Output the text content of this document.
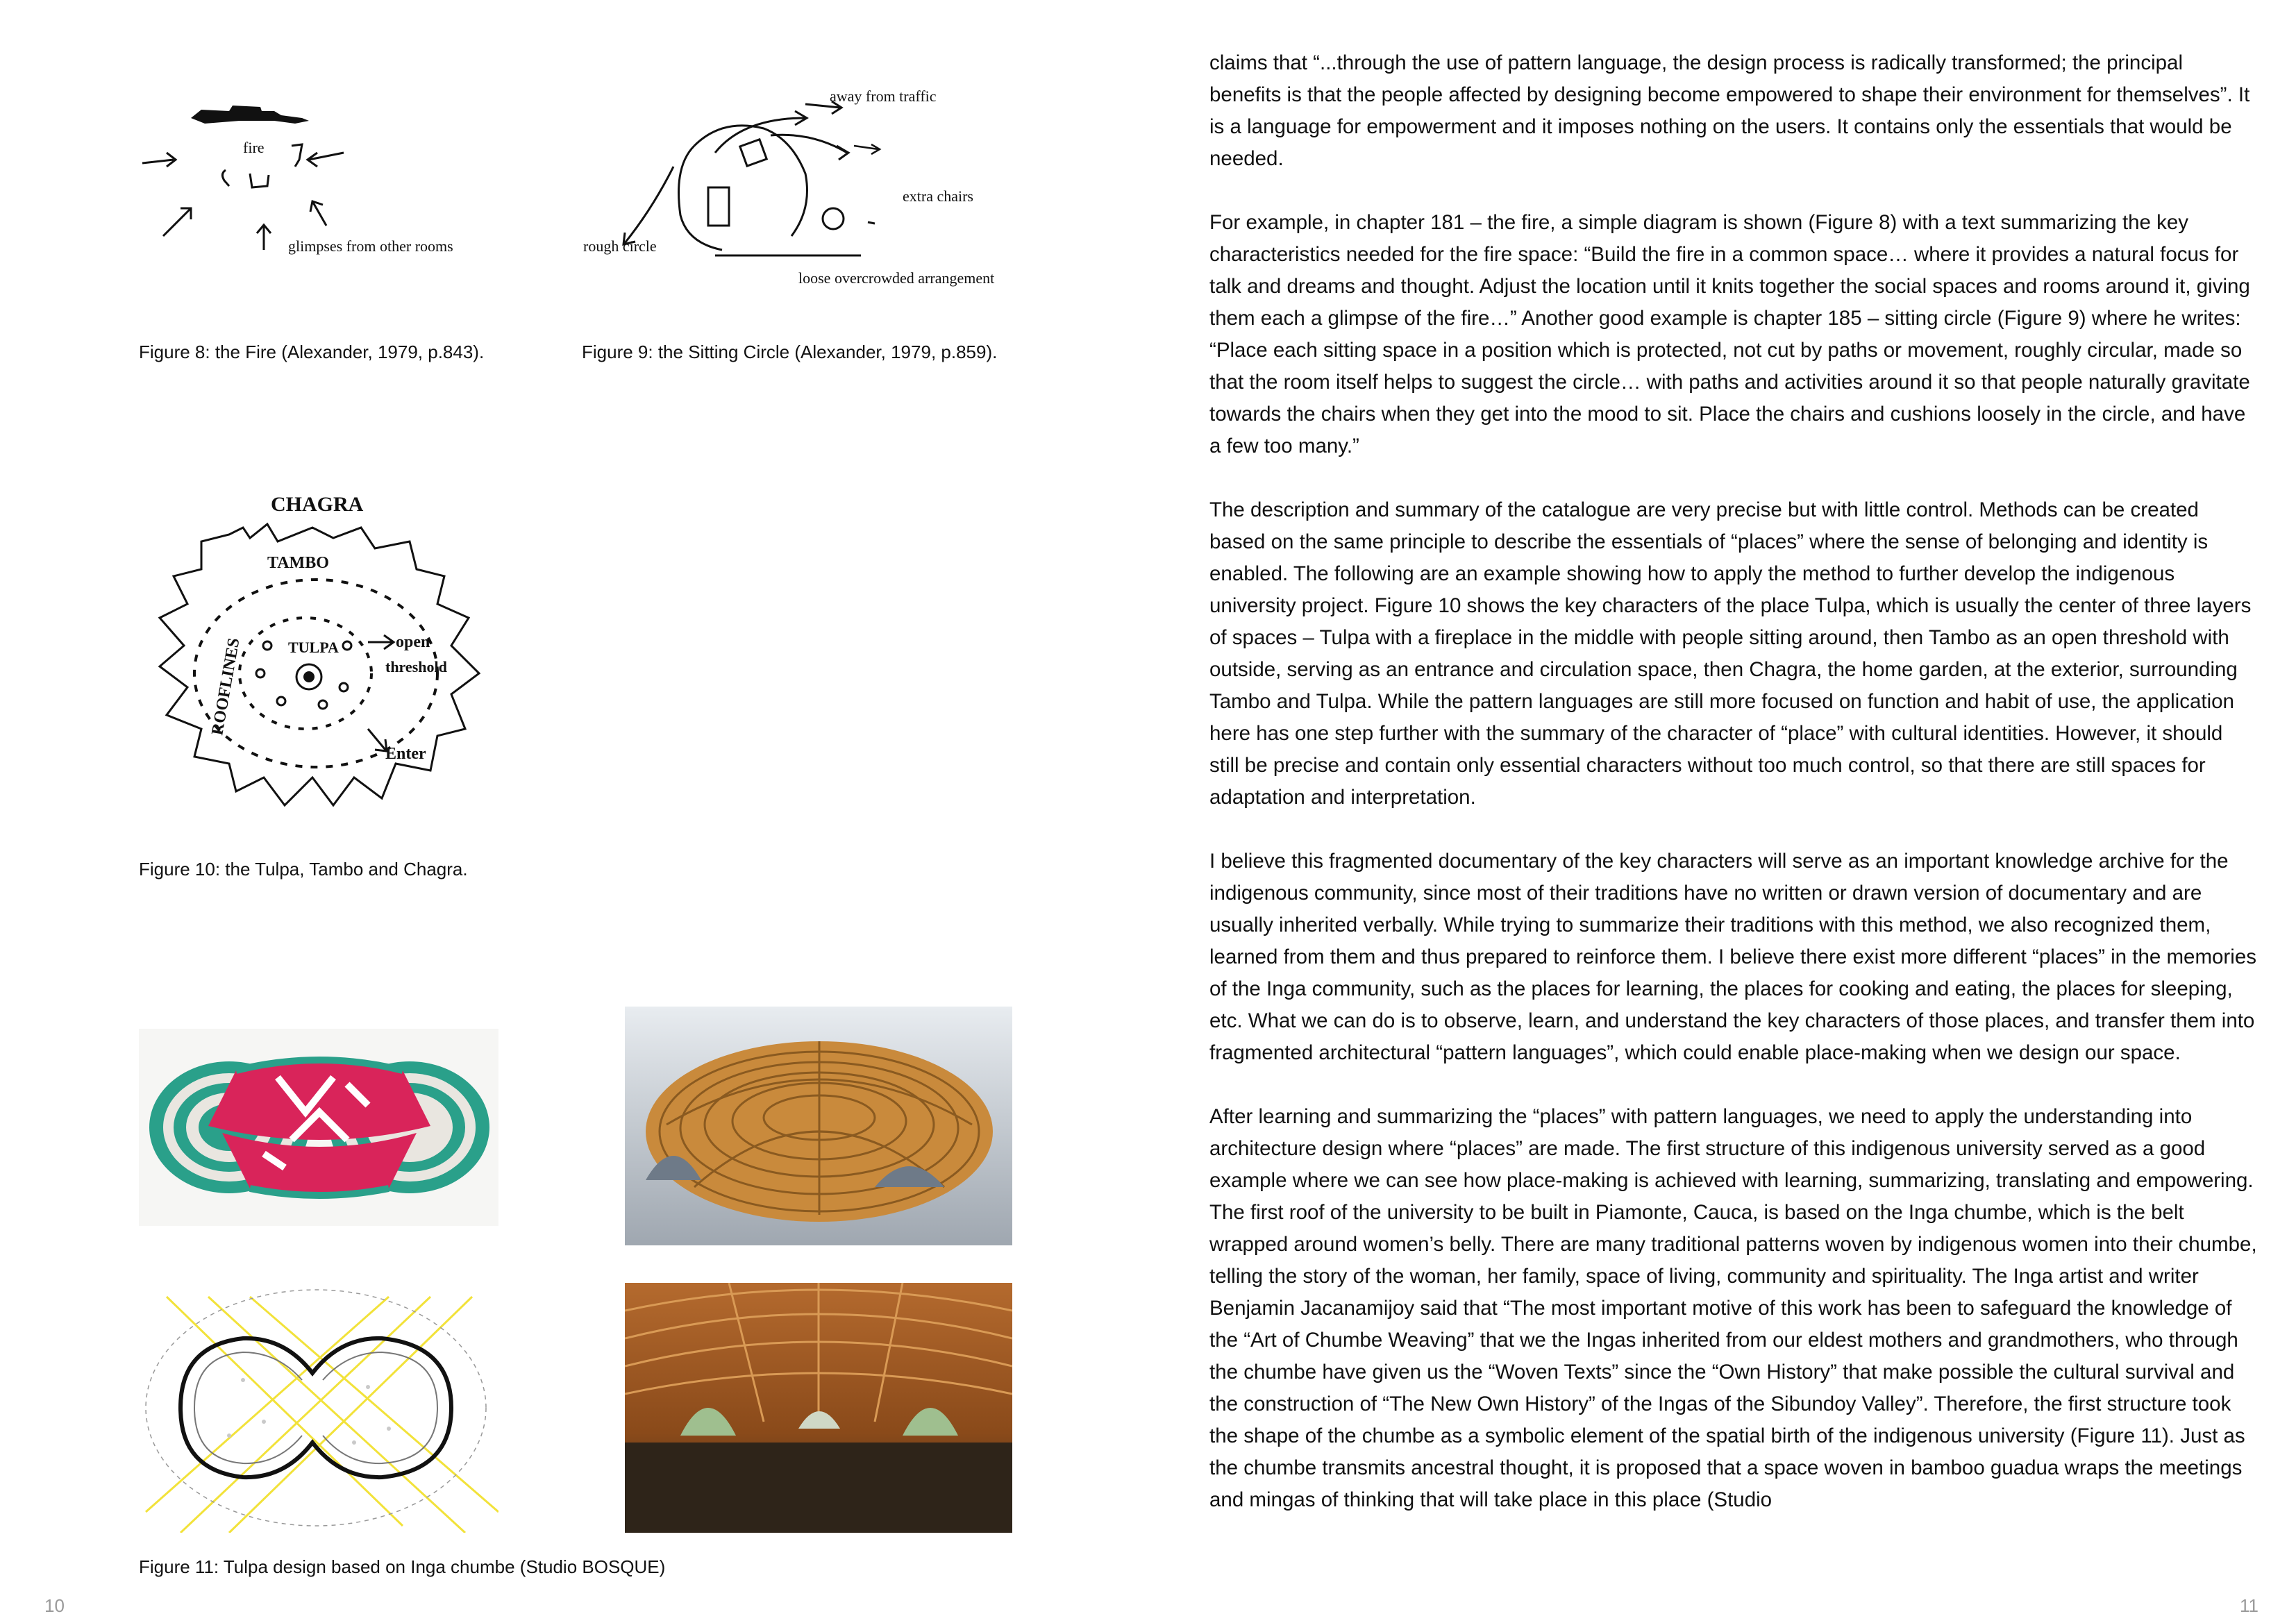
fire
glimpses from other rooms
Figure 8: the Fire (Alexander, 1979, p.843).
away from traffic
extra chairs
rough circle
loose overcrowded arrangement
Figure 9: the Sitting Circle (Alexander, 1979, p.859).
CHAGRA
TAMBO
TULPA	open
threshold
ROOFLINES
Enter
Figure 10: the Tulpa, Tambo and Chagra.
Figure 11: Tulpa design based on Inga chumbe (Studio BOSQUE)
10

claims that “...through the use of pattern language, the design process is radically transformed; the principal benefits is that the people affected by designing become empowered to shape their environment for themselves”. It is a language for empowerment and it imposes nothing on the users. It contains only the essentials that would be needed.

For example, in chapter 181 – the fire, a simple diagram is shown (Figure 8) with a text summarizing the key characteristics needed for the fire space: “Build the fire in a common space… where it provides a natural focus for talk and dreams and thought. Adjust the location until it knits together the social spaces and rooms around it, giving them each a glimpse of the fire…” Another good example is chapter 185 – sitting circle (Figure 9) where he writes: “Place each sitting space in a position which is protected, not cut by paths or movement, roughly circular, made so that the room itself helps to suggest the circle… with paths and activities around it so that people naturally gravitate towards the chairs when they get into the mood to sit. Place the chairs and cushions loosely in the circle, and have a few too many.”

The description and summary of the catalogue are very precise but with little control. Methods can be created based on the same principle to describe the essentials of “places” where the sense of belonging and identity is enabled. The following are an example showing how to apply the method to further develop the indigenous university project. Figure 10 shows the key characters of the place Tulpa, which is usually the center of three layers of spaces – Tulpa with a fireplace in the middle with people sitting around, then Tambo as an open threshold with outside, serving as an entrance and circulation space, then Chagra, the home garden, at the exterior, surrounding Tambo and Tulpa. While the pattern languages are still more focused on function and habit of use, the application here has one step further with the summary of the character of “place” with cultural identities. However, it should still be precise and contain only essential characters without too much control, so that there are still spaces for adaptation and interpretation.

I believe this fragmented documentary of the key characters will serve as an important knowledge archive for the indigenous community, since most of their traditions have no written or drawn version of documentary and are usually inherited verbally. While trying to summarize their traditions with this method, we also recognized them, learned from them and thus prepared to reinforce them. I believe there exist more different “places” in the memories of the Inga community, such as the places for learning, the places for cooking and eating, the places for sleeping, etc. What we can do is to observe, learn, and understand the key characters of those places, and transfer them into fragmented architectural “pattern languages”, which could enable place-making when we design our space.

After learning and summarizing the “places” with pattern languages, we need to apply the understanding into architecture design where “places” are made. The first structure of this indigenous university served as a good example where we can see how place-making is achieved with learning, summarizing, translating and empowering. The first roof of the university to be built in Piamonte, Cauca, is based on the Inga chumbe, which is the belt wrapped around women’s belly. There are many traditional patterns woven by indigenous women into their chumbe, telling the story of the woman, her family, space of living, community and spirituality. The Inga artist and writer Benjamin Jacanamijoy said that “The most important motive of this work has been to safeguard the knowledge of the “Art of Chumbe Weaving” that we the Ingas inherited from our eldest mothers and grandmothers, who through the chumbe have given us the “Woven Texts” since the “Own History” that make possible the cultural survival and the construction of “The New Own History” of the Ingas of the Sibundoy Valley”. Therefore, the first structure took the shape of the chumbe as a symbolic element of the spatial birth of the indigenous university (Figure 11). Just as the chumbe transmits ancestral thought, it is proposed that a space woven in bamboo guadua wraps the meetings and mingas of thinking that will take place in this place (Studio

11
